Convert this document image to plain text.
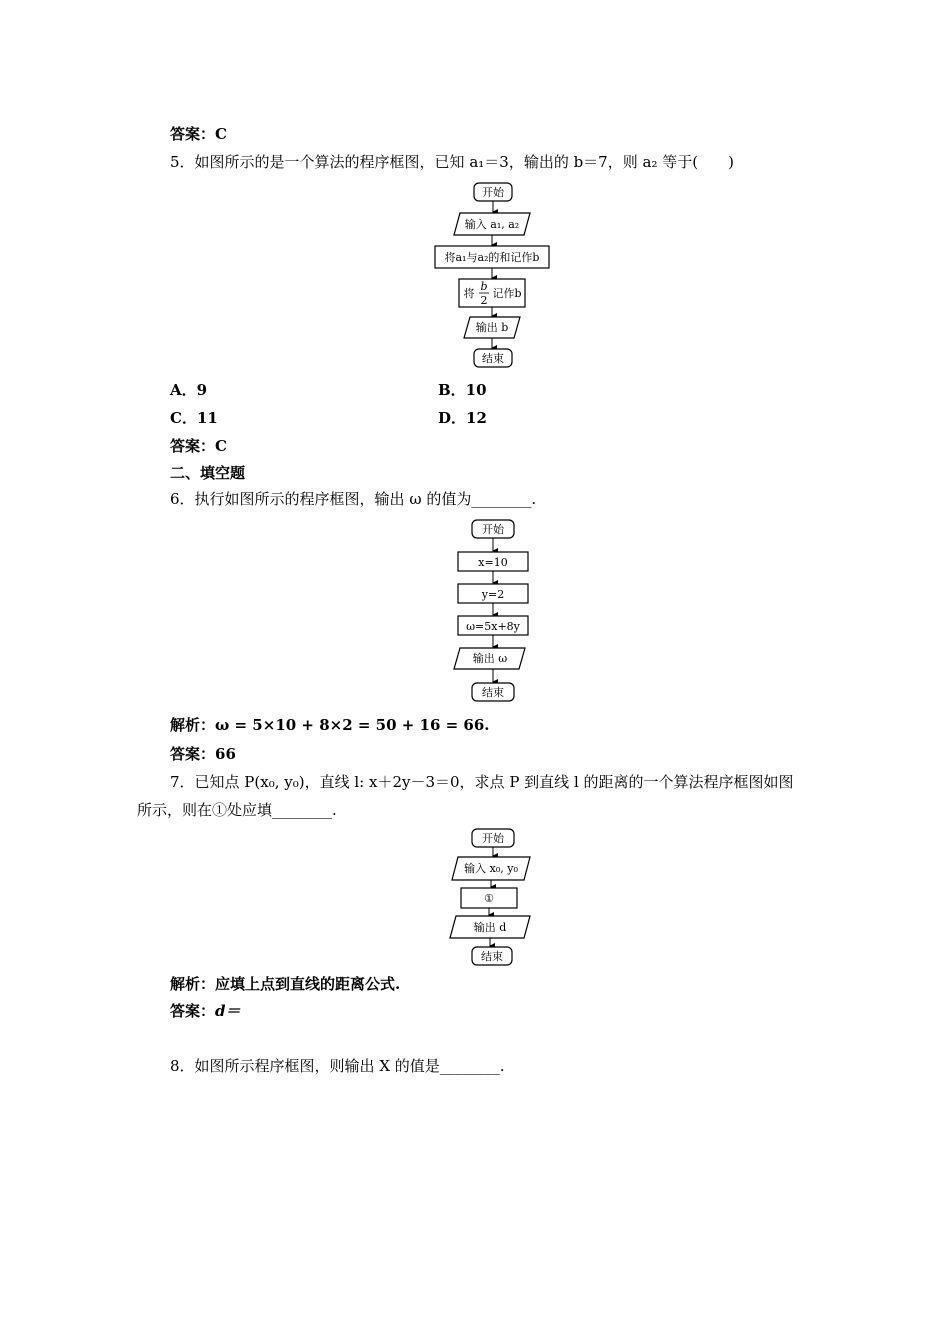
答案：C
5．如图所示的是一个算法的程序框图，已知 a₁＝3，输出的 b＝7，则 a₂ 等于(　　)
开始
输入 a₁, a₂
将a₁与a₂的和记作b
将
b
2
记作b
输出 b
结束
A．9	B．10
C．11	D．12
答案：C
二、填空题
6．执行如图所示的程序框图，输出 ω 的值为________.
开始
x=10
y=2
ω=5x+8y
输出 ω
结束
解析：ω = 5×10 + 8×2 = 50 + 16 = 66.
答案：66
7．已知点 P(x₀, y₀)，直线 l: x＋2y－3＝0，求点 P 到直线 l 的距离的一个算法程序框图如图
所示，则在①处应填________.
开始
输入 x₀, y₀
①
输出 d
结束
解析：应填上点到直线的距离公式.
答案：d＝
8．如图所示程序框图，则输出 X 的值是________.
